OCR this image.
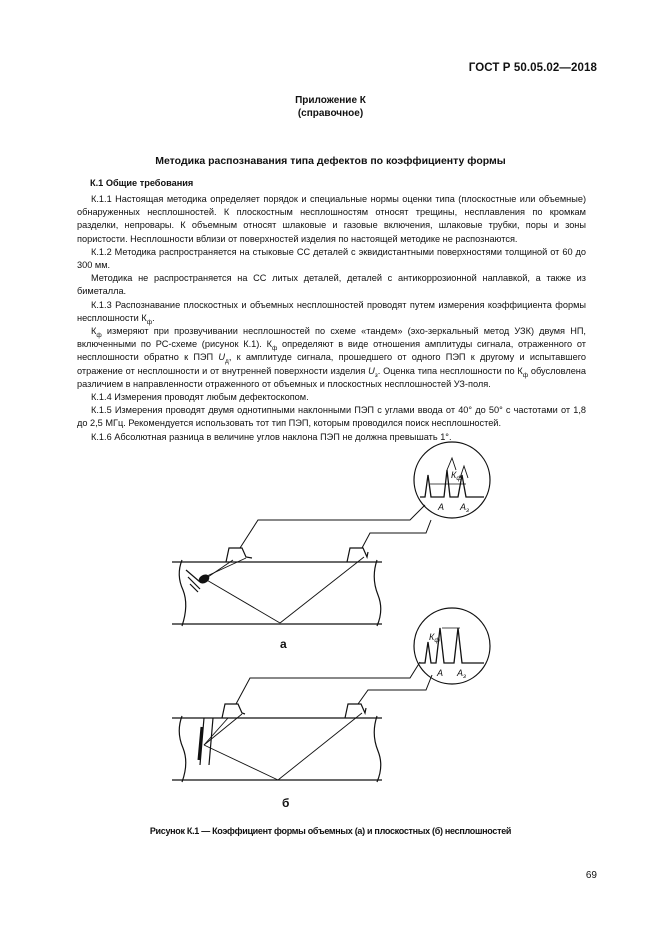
ГОСТ Р 50.05.02—2018
Приложение К
(справочное)
Методика распознавания типа дефектов по коэффициенту формы
К.1 Общие требования

К.1.1 Настоящая методика определяет порядок и специальные нормы оценки типа (плоскостные или объемные) обнаруженных несплошностей. К плоскостным несплошностям относят трещины, несплавления по кромкам разделки, непровары. К объемным относят шлаковые и газовые включения, шлаковые трубки, поры и зоны пористости. Несплошности вблизи от поверхностей изделия по настоящей методике не распознаются.

К.1.2 Методика распространяется на стыковые СС деталей с эквидистантными поверхностями толщиной от 60 до 300 мм.

Методика не распространяется на СС литых деталей, деталей с антикоррозионной наплавкой, а также из биметалла.

К.1.3 Распознавание плоскостных и объемных несплошностей проводят путем измерения коэффициента формы несплошности $К_ф$.

$К_ф$ измеряют при прозвучивании несплошностей по схеме «тандем» (эхо-зеркальный метод УЗК) двумя НП, включенными по РС-схеме (рисунок К.1). $К_ф$ определяют в виде отношения амплитуды сигнала, отраженного от несплошности обратно к ПЭП $U_д$, к амплитуде сигнала, прошедшего от одного ПЭП к другому и испытавшего отражение от несплошности и от внутренней поверхности изделия $U_з$. Оценка типа несплошности по $К_ф$ обусловлена различием в направленности отраженного от объемных и плоскостных несплошностей УЗ-поля.

К.1.4 Измерения проводят любым дефектоскопом.

К.1.5 Измерения проводят двумя однотипными наклонными ПЭП с углами ввода от 40° до 50° с частотами от 1,8 до 2,5 МГц. Рекомендуется использовать тот тип ПЭП, которым проводился поиск несплошностей.

К.1.6 Абсолютная разница в величине углов наклона ПЭП не должна превышать 1°.

A $A_з$
$К_ф$
A $A_з$
$К_ф$
а
б
Рисунок К.1 — Коэффициент формы объемных (а) и плоскостных (б) несплошностей
69
